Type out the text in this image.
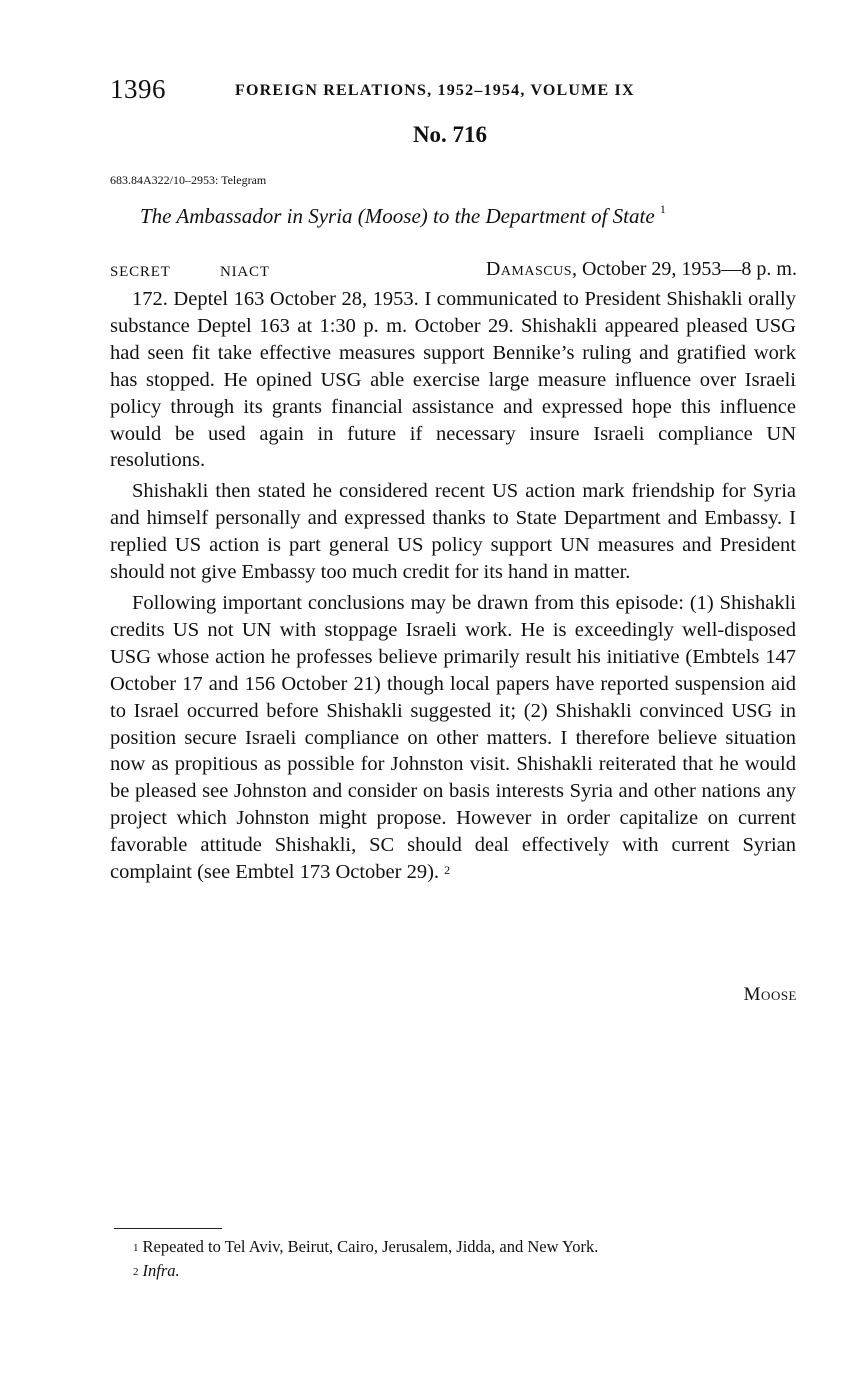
1396	FOREIGN RELATIONS, 1952–1954, VOLUME IX
No. 716
683.84A322/10–2953: Telegram
The Ambassador in Syria (Moose) to the Department of State $^1$
SECRET	NIACT	Damascus, October 29, 1953—8 p. m.

172. Deptel 163 October 28, 1953. I communicated to President Shishakli orally substance Deptel 163 at 1:30 p. m. October 29. Shishakli appeared pleased USG had seen fit take effective measures support Bennike’s ruling and gratified work has stopped. He opined USG able exercise large measure influence over Israeli policy through its grants financial assistance and expressed hope this influence would be used again in future if necessary insure Israeli compliance UN resolutions.

Shishakli then stated he considered recent US action mark friendship for Syria and himself personally and expressed thanks to State Department and Embassy. I replied US action is part general US policy support UN measures and President should not give Embassy too much credit for its hand in matter.

Following important conclusions may be drawn from this episode: (1) Shishakli credits US not UN with stoppage Israeli work. He is exceedingly well-disposed USG whose action he professes believe primarily result his initiative (Embtels 147 October 17 and 156 October 21) though local papers have reported suspension aid to Israel occurred before Shishakli suggested it; (2) Shishakli convinced USG in position secure Israeli compliance on other matters. I therefore believe situation now as propitious as possible for Johnston visit. Shishakli reiterated that he would be pleased see Johnston and consider on basis interests Syria and other nations any project which Johnston might propose. However in order capitalize on current favorable attitude Shishakli, SC should deal effectively with current Syrian complaint (see Embtel 173 October 29). $^2$

Moose
$^1$ Repeated to Tel Aviv, Beirut, Cairo, Jerusalem, Jidda, and New York.
$^2$ Infra.
